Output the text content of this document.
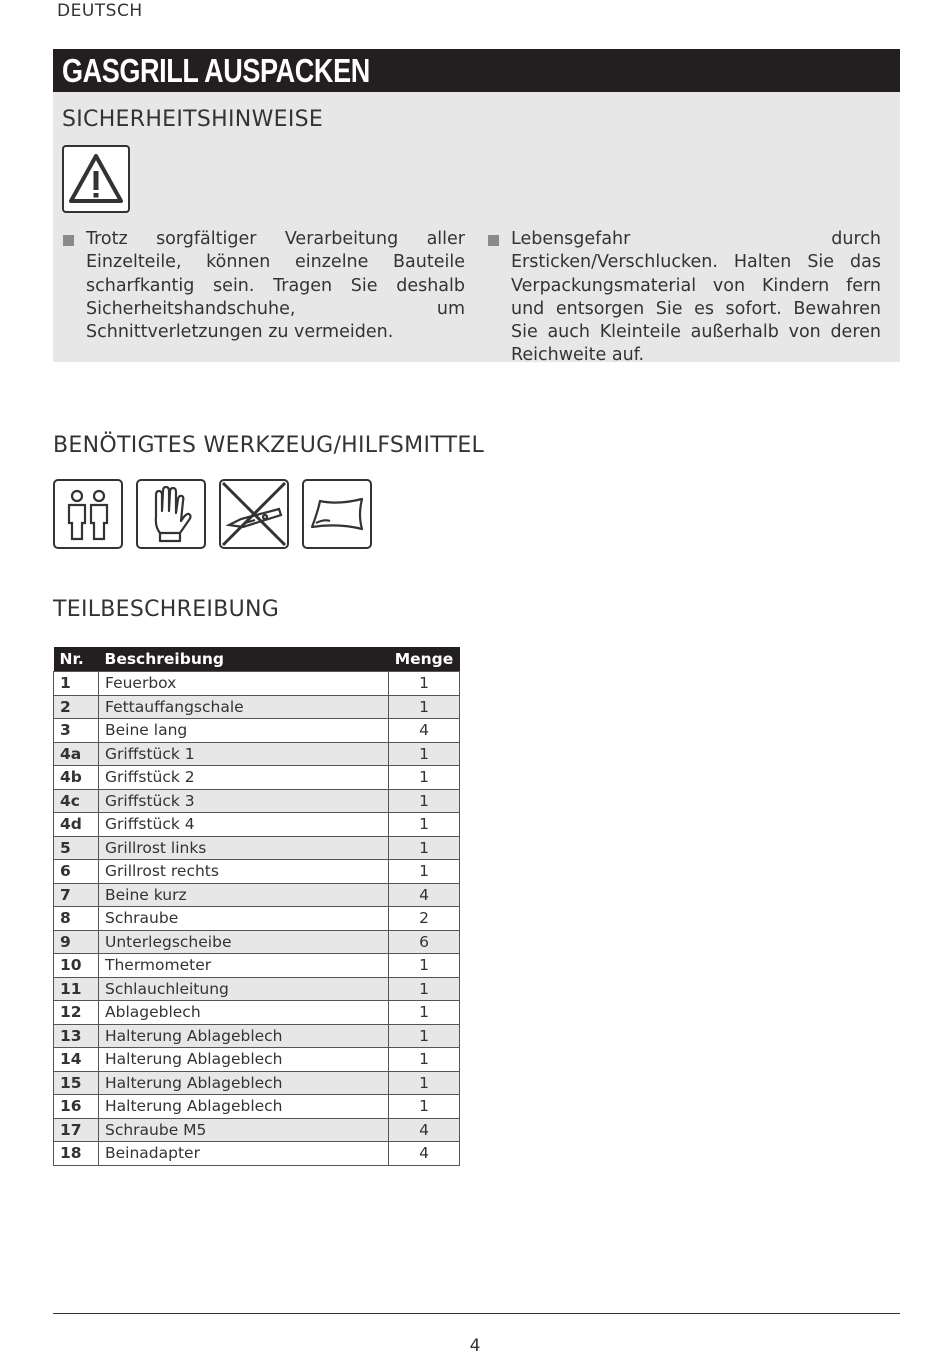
DEUTSCH
GASGRILL AUSPACKEN
SICHERHEITSHINWEISE
Trotz sorgfältiger Verarbeitung aller Einzelteile, können einzelne Bauteile scharfkantig sein. Tragen Sie deshalb Sicherheitshandschuhe, um Schnittverletzungen zu vermeiden.
Lebensgefahr durch Ersticken/Verschlucken. Halten Sie das Verpackungsmaterial von Kindern fern und entsorgen Sie es sofort. Bewahren Sie auch Kleinteile außerhalb von deren Reichweite auf.
BENÖTIGTES WERKZEUG/HILFSMITTEL
TEILBESCHREIBUNG
Nr.	Beschreibung	Menge
1	Feuerbox	1
2	Fettauffangschale	1
3	Beine lang	4
4a	Griffstück 1	1
4b	Griffstück 2	1
4c	Griffstück 3	1
4d	Griffstück 4	1
5	Grillrost links	1
6	Grillrost rechts	1
7	Beine kurz	4
8	Schraube	2
9	Unterlegscheibe	6
10	Thermometer	1
11	Schlauchleitung	1
12	Ablageblech	1
13	Halterung Ablageblech	1
14	Halterung Ablageblech	1
15	Halterung Ablageblech	1
16	Halterung Ablageblech	1
17	Schraube M5	4
18	Beinadapter	4
4
